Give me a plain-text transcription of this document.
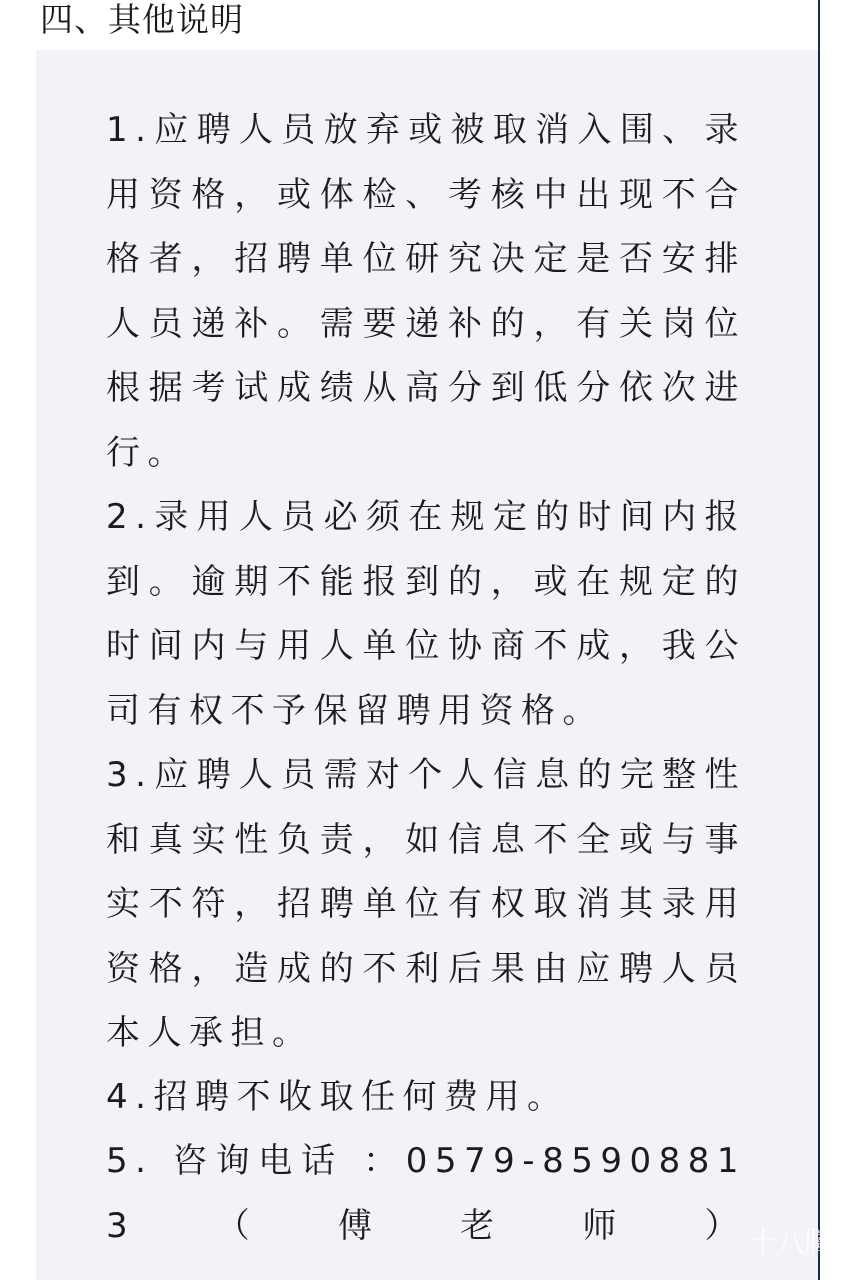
四、其他说明

1.应聘人员放弃或被取消入围、录用资格，或体检、考核中出现不合格者，招聘单位研究决定是否安排人员递补。需要递补的，有关岗位根据考试成绩从高分到低分依次进行。

2.录用人员必须在规定的时间内报到。逾期不能报到的，或在规定的时间内与用人单位协商不成，我公司有权不予保留聘用资格。

3.应聘人员需对个人信息的完整性和真实性负责，如信息不全或与事实不符，招聘单位有权取消其录用资格，造成的不利后果由应聘人员本人承担。

4.招聘不收取任何费用。

5. 咨询电话 ：0579-85908813（傅老师） 十八腾
